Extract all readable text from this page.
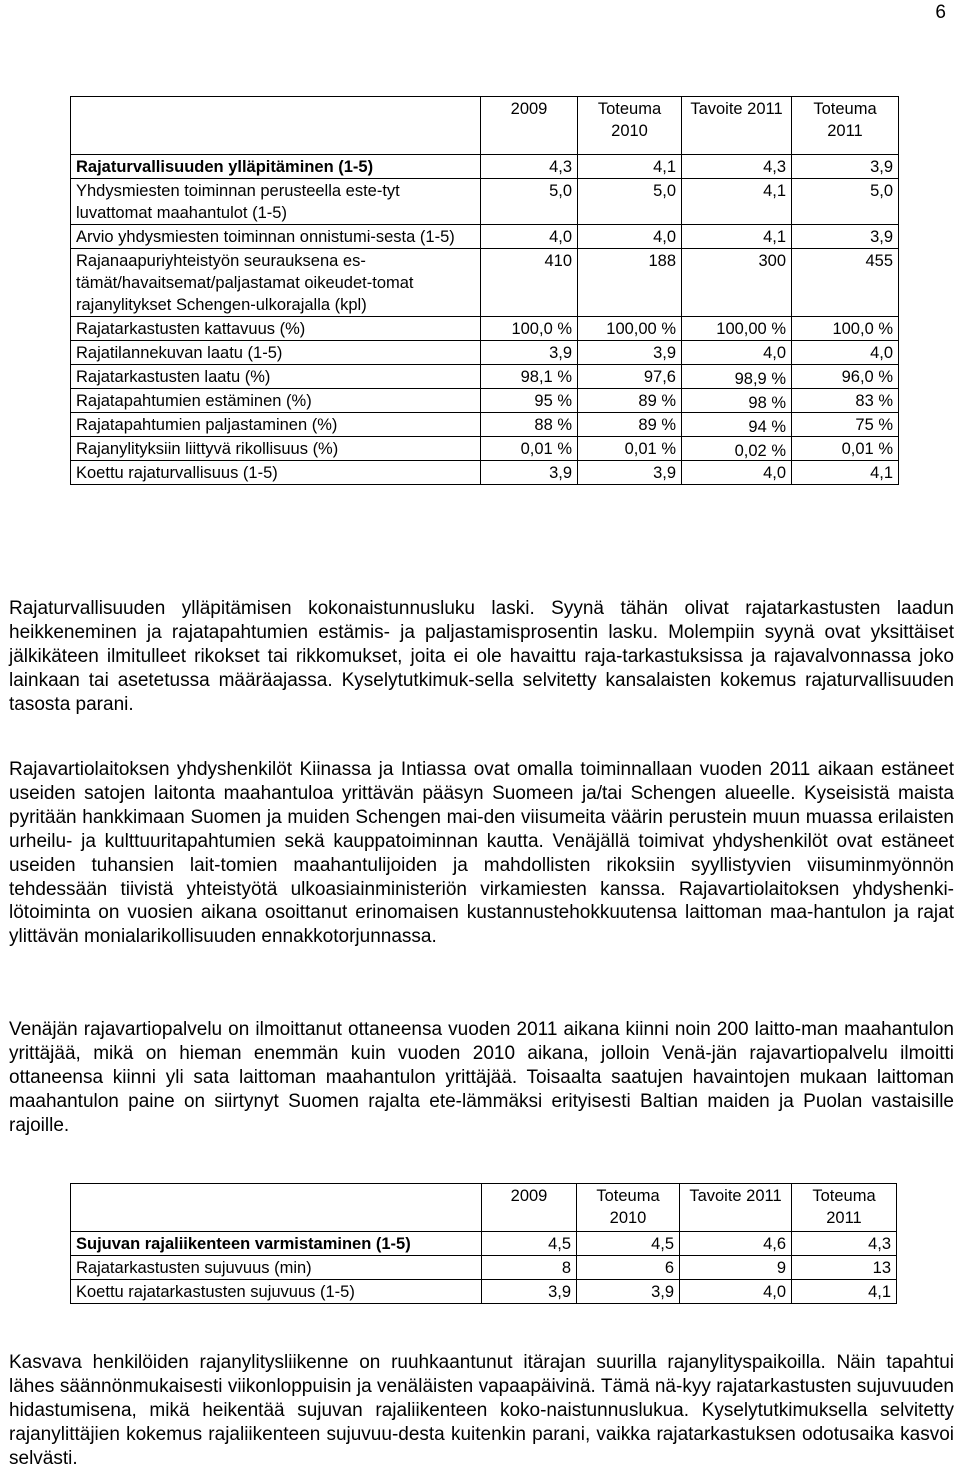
6
	2009	Toteuma 2010	Tavoite 2011	Toteuma 2011
Rajaturvallisuuden ylläpitäminen (1-5)	4,3	4,1	4,3	3,9
Yhdysmiesten toiminnan perusteella este-tyt luvattomat maahantulot (1-5)	5,0	5,0	4,1	5,0
Arvio yhdysmiesten toiminnan onnistumi-sesta (1-5)	4,0	4,0	4,1	3,9
Rajanaapuriyhteistyön seurauksena es-tämät/havaitsemat/paljastamat oikeudet-tomat rajanylitykset Schengen-ulkorajalla (kpl)	410	188	300	455
Rajatarkastusten kattavuus (%)	100,0 %	100,00 %	100,00 %	100,0 %
Rajatilannekuvan laatu (1-5)	3,9	3,9	4,0	4,0
Rajatarkastusten laatu (%)	98,1 %	97,6	98,9 %	96,0 %
Rajatapahtumien estäminen (%)	95 %	89 %	98 %	83 %
Rajatapahtumien paljastaminen (%)	88 %	89 %	94 %	75 %
Rajanylityksiin liittyvä rikollisuus (%)	0,01 %	0,01 %	0,02 %	0,01 %
Koettu rajaturvallisuus (1-5)	3,9	3,9	4,0	4,1

Rajaturvallisuuden ylläpitämisen kokonaistunnusluku laski. Syynä tähän olivat rajatarkastusten laadun heikkeneminen ja rajatapahtumien estämis- ja paljastamisprosentin lasku. Molempiin syynä ovat yksittäiset jälkikäteen ilmitulleet rikokset tai rikkomukset, joita ei ole havaittu raja-tarkastuksissa ja rajavalvonnassa joko lainkaan tai asetetussa määräajassa. Kyselytutkimuk-sella selvitetty kansalaisten kokemus rajaturvallisuuden tasosta parani.

Rajavartiolaitoksen yhdyshenkilöt Kiinassa ja Intiassa ovat omalla toiminnallaan vuoden 2011 aikaan estäneet useiden satojen laitonta maahantuloa yrittävän pääsyn Suomeen ja/tai Schengen alueelle. Kyseisistä maista pyritään hankkimaan Suomen ja muiden Schengen mai-den viisumeita väärin perustein muun muassa erilaisten urheilu- ja kulttuuritapahtumien sekä kauppatoiminnan kautta. Venäjällä toimivat yhdyshenkilöt ovat estäneet useiden tuhansien lait-tomien maahantulijoiden ja mahdollisten rikoksiin syyllistyvien viisuminmyönnön tehdessään tiivistä yhteistyötä ulkoasiainministeriön virkamiesten kanssa. Rajavartiolaitoksen yhdyshenki-lötoiminta on vuosien aikana osoittanut erinomaisen kustannustehokkuutensa laittoman maa-hantulon ja rajat ylittävän monialarikollisuuden ennakkotorjunnassa.

Venäjän rajavartiopalvelu on ilmoittanut ottaneensa vuoden 2011 aikana kiinni noin 200 laitto-man maahantulon yrittäjää, mikä on hieman enemmän kuin vuoden 2010 aikana, jolloin Venä-jän rajavartiopalvelu ilmoitti ottaneensa kiinni yli sata laittoman maahantulon yrittäjää. Toisaalta saatujen havaintojen mukaan laittoman maahantulon paine on siirtynyt Suomen rajalta ete-lämmäksi erityisesti Baltian maiden ja Puolan vastaisille rajoille.

	2009	Toteuma 2010	Tavoite 2011	Toteuma 2011
Sujuvan rajaliikenteen varmistaminen (1-5)	4,5	4,5	4,6	4,3
Rajatarkastusten sujuvuus (min)	8	6	9	13
Koettu rajatarkastusten sujuvuus (1-5)	3,9	3,9	4,0	4,1

Kasvava henkilöiden rajanylitysliikenne on ruuhkaantunut itärajan suurilla rajanylityspaikoilla. Näin tapahtui lähes säännönmukaisesti viikonloppuisin ja venäläisten vapaapäivinä. Tämä nä-kyy rajatarkastusten sujuvuuden hidastumisena, mikä heikentää sujuvan rajaliikenteen koko-naistunnuslukua. Kyselytutkimuksella selvitetty rajanylittäjien kokemus rajaliikenteen sujuvuu-desta kuitenkin parani, vaikka rajatarkastuksen odotusaika kasvoi selvästi.
